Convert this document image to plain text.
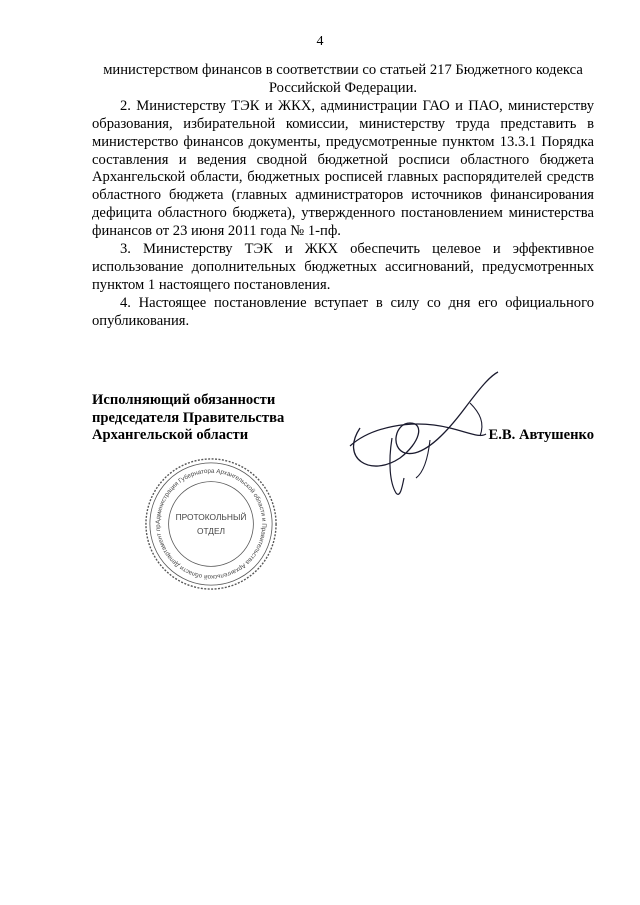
4

министерством финансов в соответствии со статьей 217 Бюджетного кодекса Российской Федерации.

2. Министерству ТЭК и ЖКХ, администрации ГАО и ПАО, министерству образования, избирательной комиссии, министерству труда представить в министерство финансов документы, предусмотренные пунктом 13.3.1 Порядка составления и ведения сводной бюджетной росписи областного бюджета Архангельской области, бюджетных росписей главных распорядителей средств областного бюджета (главных администраторов источников финансирования дефицита областного бюджета), утвержденного постановлением министерства финансов от 23 июня 2011 года № 1-пф.

3. Министерству ТЭК и ЖКХ обеспечить целевое и эффективное использование дополнительных бюджетных ассигнований, предусмотренных пунктом 1 настоящего постановления.

4. Настоящее постановление вступает в силу со дня его официального опубликования.

Исполняющий обязанности
председателя Правительства
Архангельской области	Е.В. Автушенко
Администрация Губернатора Архангельской области и Правительства Архангельской области Департамент пр
ПРОТОКОЛЬНЫЙ
ОТДЕЛ
